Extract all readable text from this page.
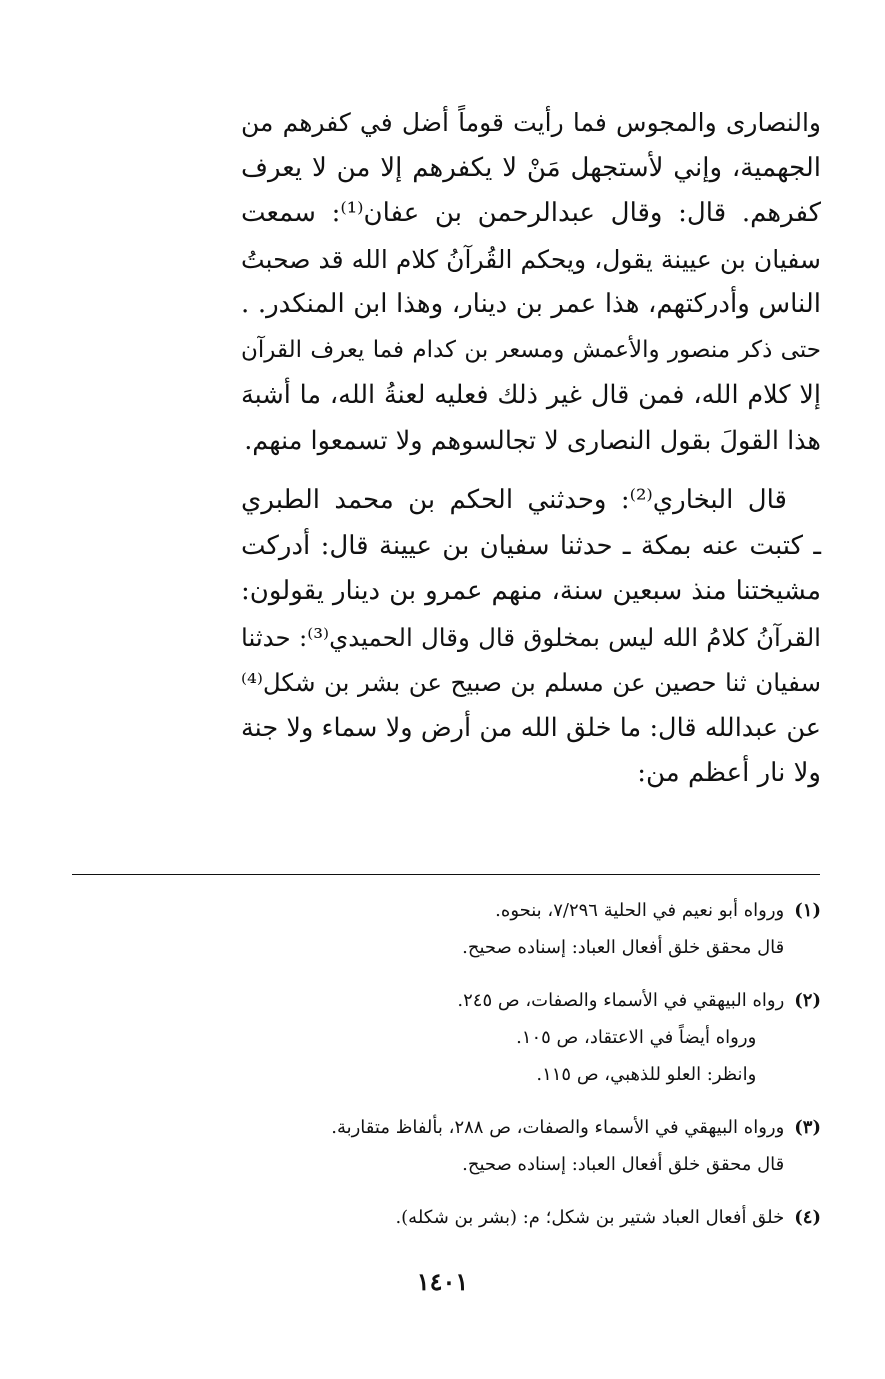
والنصارى والمجوس فما رأيت قوماً أضل في كفرهم من
الجهمية، وإني لأستجهل مَنْ لا يكفرهم إلا من لا يعرف
كفرهم. قال: وقال عبدالرحمن بن عفان⁽¹⁾: سمعت
سفيان بن عيينة يقول، ويحكم القُرآنُ كلام الله قد صحبتُ
الناس وأدركتهم، هذا عمر بن دينار، وهذا ابن المنكدر. .
حتى ذكر منصور والأعمش ومسعر بن كدام فما يعرف القرآن
إلا كلام الله، فمن قال غير ذلك فعليه لعنةُ الله، ما أشبهَ
هذا القولَ بقول النصارى لا تجالسوهم ولا تسمعوا منهم.

قال البخاري⁽²⁾: وحدثني الحكم بن محمد الطبري
ـ كتبت عنه بمكة ـ حدثنا سفيان بن عيينة قال: أدركت
مشيختنا منذ سبعين سنة، منهم عمرو بن دينار يقولون:
القرآنُ كلامُ الله ليس بمخلوق قال وقال الحميدي⁽³⁾: حدثنا
سفيان ثنا حصين عن مسلم بن صبيح عن بشر بن شكل⁽⁴⁾
عن عبدالله قال: ما خلق الله من أرض ولا سماء ولا جنة
ولا نار أعظم من:

(١)
ورواه أبو نعيم في الحلية ٧/٢٩٦، بنحوه.
قال محقق خلق أفعال العباد: إسناده صحيح.
(٢)
رواه البيهقي في الأسماء والصفات، ص ٢٤٥.
ورواه أيضاً في الاعتقاد، ص ١٠٥.
وانظر: العلو للذهبي، ص ١١٥.
(٣)
ورواه البيهقي في الأسماء والصفات، ص ٢٨٨، بألفاظ متقاربة.
قال محقق خلق أفعال العباد: إسناده صحيح.
(٤)
خلق أفعال العباد شتير بن شكل؛ م: (بشر بن شكله).
١٤٠١
